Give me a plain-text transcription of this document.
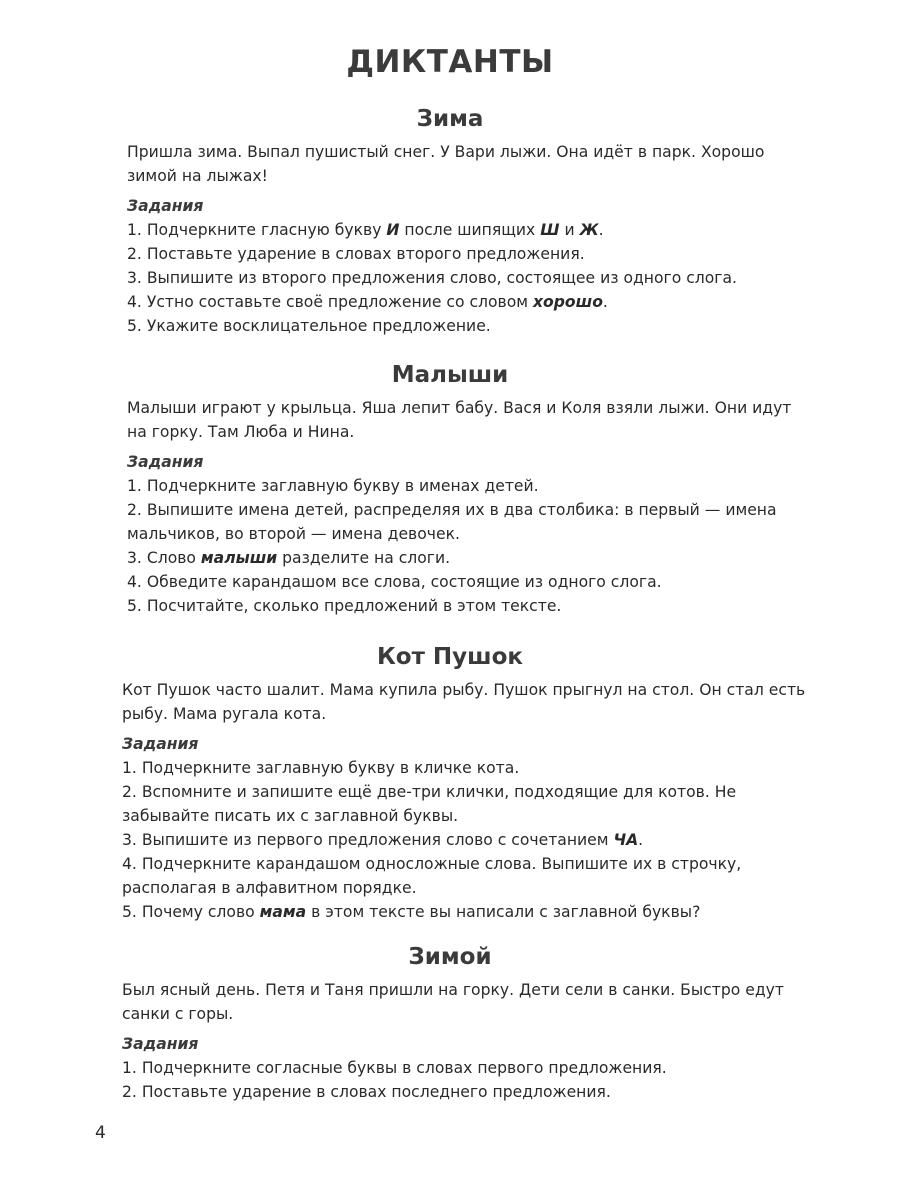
ДИКТАНТЫ
Зима

Пришла зима. Выпал пушистый снег. У Вари лыжи. Она идёт в парк. Хорошо зимой на лыжах!

Задания

1. Подчеркните гласную букву И после шипящих Ш и Ж.

2. Поставьте ударение в словах второго предложения.

3. Выпишите из второго предложения слово, состоящее из одного слога.

4. Устно составьте своё предложение со словом хорошо.

5. Укажите восклицательное предложение.

Малыши

Малыши играют у крыльца. Яша лепит бабу. Вася и Коля взяли лыжи. Они идут на горку. Там Люба и Нина.

Задания

1. Подчеркните заглавную букву в именах детей.

2. Выпишите имена детей, распределяя их в два столбика: в первый — имена мальчиков, во второй — имена девочек.

3. Слово малыши разделите на слоги.

4. Обведите карандашом все слова, состоящие из одного слога.

5. Посчитайте, сколько предложений в этом тексте.

Кот Пушок

Кот Пушок часто шалит. Мама купила рыбу. Пушок прыгнул на стол. Он стал есть рыбу. Мама ругала кота.

Задания

1. Подчеркните заглавную букву в кличке кота.

2. Вспомните и запишите ещё две-три клички, подходящие для котов. Не забывайте писать их с заглавной буквы.

3. Выпишите из первого предложения слово с сочетанием ЧА.

4. Подчеркните карандашом односложные слова. Выпишите их в строчку, располагая в алфавитном порядке.

5. Почему слово мама в этом тексте вы написали с заглавной буквы?

Зимой

Был ясный день. Петя и Таня пришли на горку. Дети сели в санки. Быстро едут санки с горы.

Задания

1. Подчеркните согласные буквы в словах первого предложения.

2. Поставьте ударение в словах последнего предложения.

4
